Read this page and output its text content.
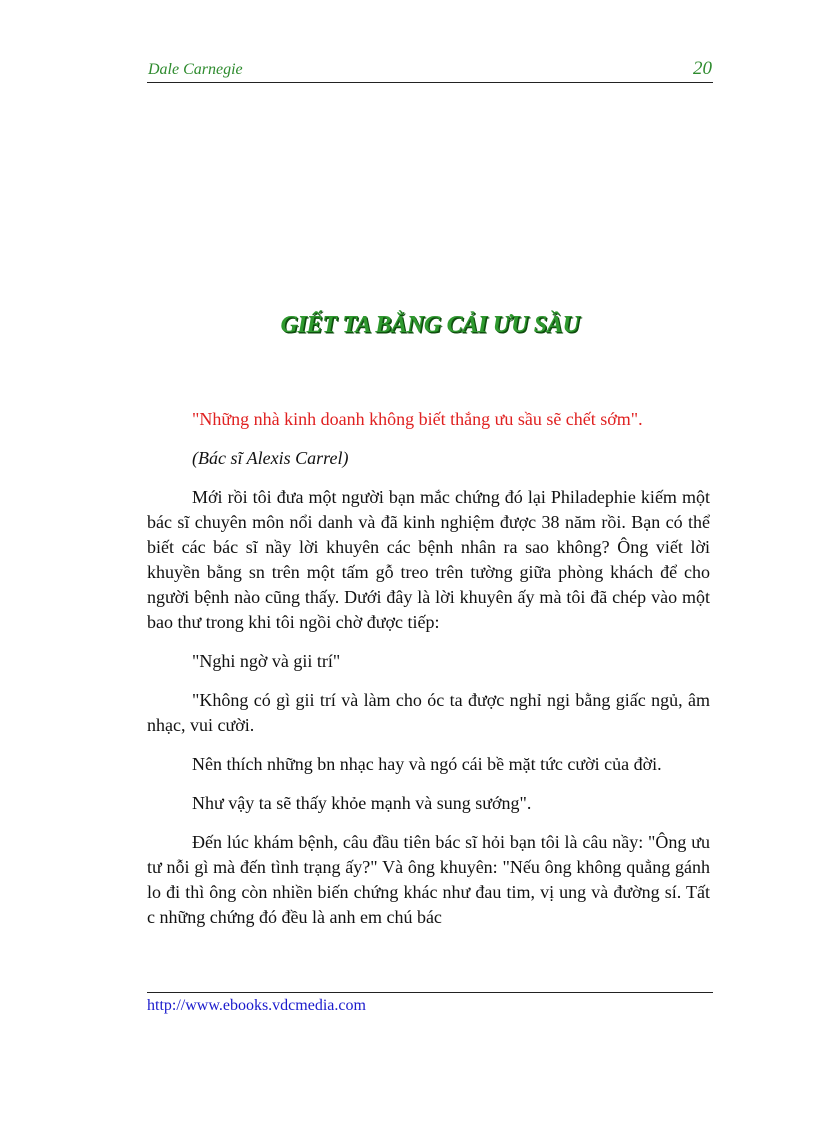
Dale Carnegie	20
GIẾT TA BẰNG CẢI ƯU SẦU

"Những nhà kinh doanh không biết thắng ưu sầu sẽ chết sớm".

(Bác sĩ Alexis Carrel)

Mới rồi tôi đưa một người bạn mắc chứng đó lại Philadephie kiếm một bác sĩ chuyên môn nổi danh và đã kinh nghiệm được 38 năm rồi. Bạn có thể biết các bác sĩ nầy lời khuyên các bệnh nhân ra sao không? Ông viết lời khuyền bằng sn trên một tấm gỗ treo trên tường giữa phòng khách để cho người bệnh nào cũng thấy. Dưới đây là lời khuyên ấy mà tôi đã chép vào một bao thư trong khi tôi ngồi chờ được tiếp:

"Nghi ngờ và gii trí"

"Không có gì gii trí và làm cho óc ta được nghỉ ngi bằng giấc ngủ, âm nhạc, vui cười.

Nên thích những bn nhạc hay và ngó cái bề mặt tức cười của đời.

Như vậy ta sẽ thấy khỏe mạnh và sung sướng".

Đến lúc khám bệnh, câu đầu tiên bác sĩ hỏi bạn tôi là câu nầy: "Ông ưu tư nỗi gì mà đến tình trạng ấy?" Và ông khuyên: "Nếu ông không quẳng gánh lo đi thì ông còn nhiền biến chứng khác như đau tim, vị ung và đường sí. Tất c những chứng đó đều là anh em chú bác

http://www.ebooks.vdcmedia.com
